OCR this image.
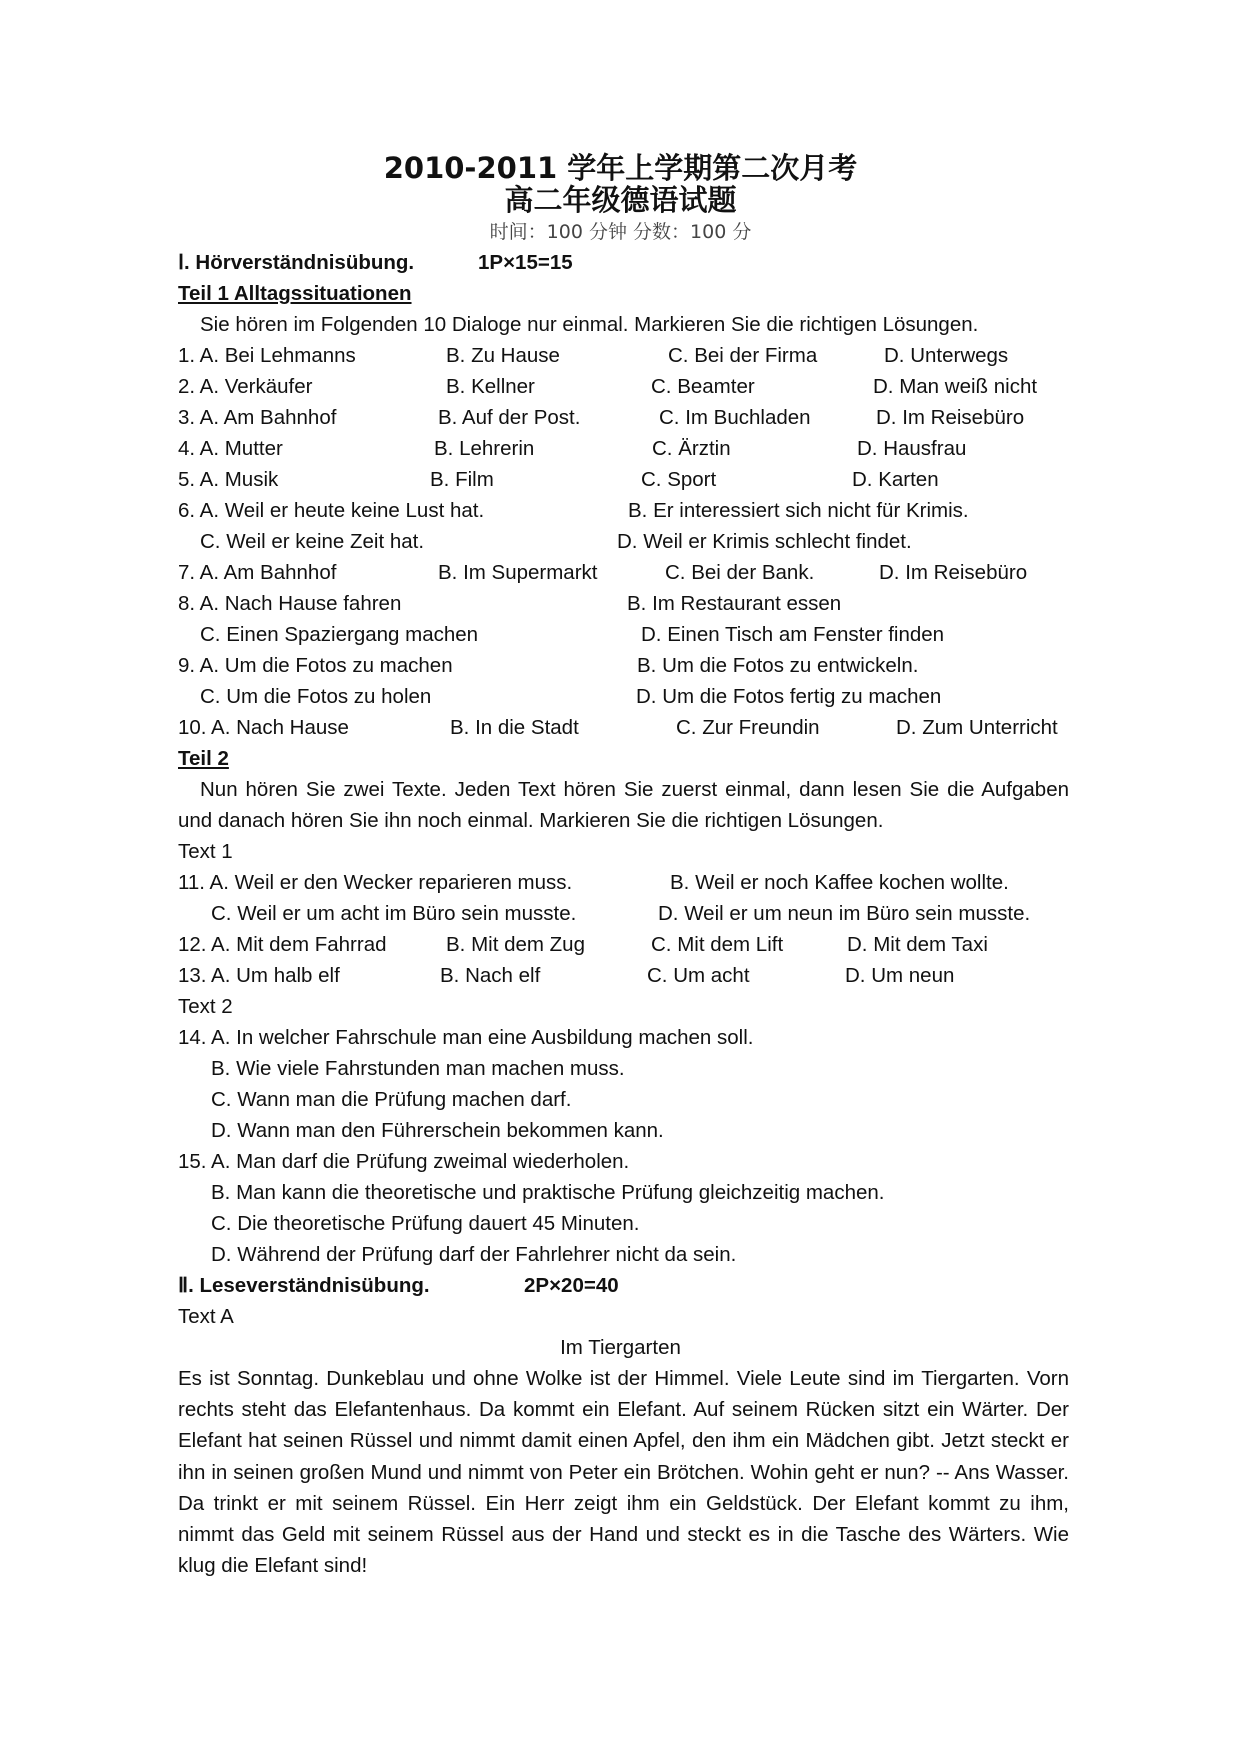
2010-2011 学年上学期第二次月考
高二年级德语试题
时间：100 分钟 分数：100 分
Ⅰ. Hörverständnisübung.	1P×15=15
Teil 1 Alltagssituationen
Sie hören im Folgenden 10 Dialoge nur einmal. Markieren Sie die richtigen Lösungen.
1. A. Bei Lehmanns	B. Zu Hause	C. Bei der Firma	D. Unterwegs
2. A. Verkäufer	B. Kellner	C. Beamter	D. Man weiß nicht
3. A. Am Bahnhof	B. Auf der Post.	C. Im Buchladen	D. Im Reisebüro
4. A. Mutter	B. Lehrerin	C. Ärztin	D. Hausfrau
5. A. Musik	B. Film	C. Sport	D. Karten
6. A. Weil er heute keine Lust hat.	B. Er interessiert sich nicht für Krimis.
C. Weil er keine Zeit hat.	D. Weil er Krimis schlecht findet.
7. A. Am Bahnhof	B. Im Supermarkt	C. Bei der Bank.	D. Im Reisebüro
8. A. Nach Hause fahren	B. Im Restaurant essen
C. Einen Spaziergang machen	D. Einen Tisch am Fenster finden
9. A. Um die Fotos zu machen	B. Um die Fotos zu entwickeln.
C. Um die Fotos zu holen	D. Um die Fotos fertig zu machen
10. A. Nach Hause	B. In die Stadt	C. Zur Freundin	D. Zum Unterricht
Teil 2
Nun hören Sie zwei Texte. Jeden Text hören Sie zuerst einmal, dann lesen Sie die Aufgaben und danach hören Sie ihn noch einmal. Markieren Sie die richtigen Lösungen.
Text 1
11. A. Weil er den Wecker reparieren muss.	B. Weil er noch Kaffee kochen wollte.
C. Weil er um acht im Büro sein musste.	D. Weil er um neun im Büro sein musste.
12. A. Mit dem Fahrrad	B. Mit dem Zug	C. Mit dem Lift	D. Mit dem Taxi
13. A. Um halb elf	B. Nach elf	C. Um acht	D. Um neun
Text 2
14. A. In welcher Fahrschule man eine Ausbildung machen soll.
B. Wie viele Fahrstunden man machen muss.
C. Wann man die Prüfung machen darf.
D. Wann man den Führerschein bekommen kann.
15. A. Man darf die Prüfung zweimal wiederholen.
B. Man kann die theoretische und praktische Prüfung gleichzeitig machen.
C. Die theoretische Prüfung dauert 45 Minuten.
D. Während der Prüfung darf der Fahrlehrer nicht da sein.
Ⅱ. Leseverständnisübung.	2P×20=40
Text A
Im Tiergarten
Es ist Sonntag. Dunkeblau und ohne Wolke ist der Himmel. Viele Leute sind im Tiergarten. Vorn rechts steht das Elefantenhaus. Da kommt ein Elefant. Auf seinem Rücken sitzt ein Wärter. Der Elefant hat seinen Rüssel und nimmt damit einen Apfel, den ihm ein Mädchen gibt. Jetzt steckt er ihn in seinen großen Mund und nimmt von Peter ein Brötchen. Wohin geht er nun? -- Ans Wasser. Da trinkt er mit seinem Rüssel. Ein Herr zeigt ihm ein Geldstück. Der Elefant kommt zu ihm, nimmt das Geld mit seinem Rüssel aus der Hand und steckt es in die Tasche des Wärters. Wie klug die Elefant sind!
